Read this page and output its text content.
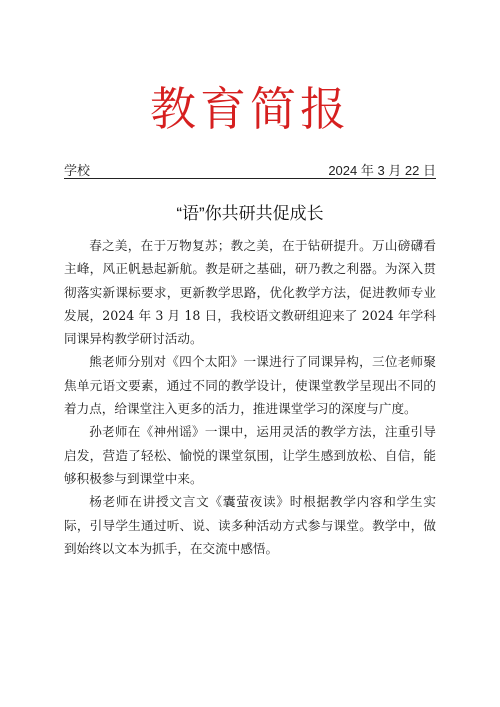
教育简报
学校	2024 年 3 月 22 日
“语”你共研共促成长

春之美，在于万物复苏；教之美，在于钻研提升。万山磅礴看主峰，风正帆悬起新航。教是研之基础，研乃教之利器。为深入贯彻落实新课标要求，更新教学思路，优化教学方法，促进教师专业发展，2024 年 3 月 18 日，我校语文教研组迎来了 2024 年学科同课异构教学研讨活动。

熊老师分别对《四个太阳》一课进行了同课异构，三位老师聚焦单元语文要素，通过不同的教学设计，使课堂教学呈现出不同的着力点，给课堂注入更多的活力，推进课堂学习的深度与广度。

孙老师在《神州谣》一课中，运用灵活的教学方法，注重引导启发，营造了轻松、愉悦的课堂氛围，让学生感到放松、自信，能够积极参与到课堂中来。

杨老师在讲授文言文《囊萤夜读》时根据教学内容和学生实际，引导学生通过听、说、读多种活动方式参与课堂。教学中，做到始终以文本为抓手，在交流中感悟。
